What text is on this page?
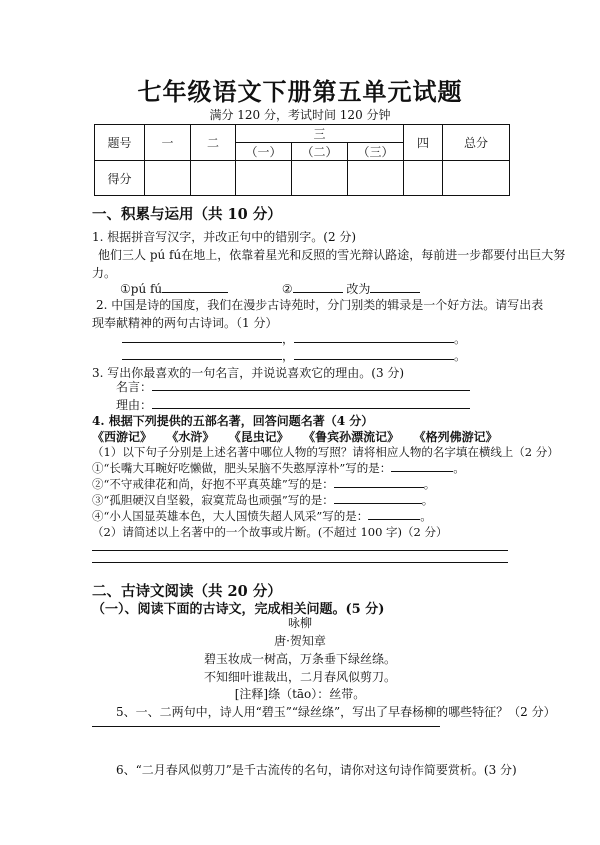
七年级语文下册第五单元试题
满分 120 分，考试时间 120 分钟
题号	一	二	三			四	总分
			（一）	（二）	（三）		
得分							
一、积累与运用（共 10 分）
1. 根据拼音写汉字，并改正句中的错别字。(2 分)
他们三人 pú fú在地上，依靠着星光和反照的雪光辩认路途，每前进一步都要付出巨大努
力。
①pú fú	②	改为
2. 中国是诗的国度，我们在漫步古诗苑时，分门别类的辑录是一个好方法。请写出表
现奉献精神的两句古诗词。（1 分）
，	。
，	。
3. 写出你最喜欢的一句名言，并说说喜欢它的理由。(3 分)
名言：
理由：
4. 根据下列提供的五部名著，回答问题名著（4 分）
《西游记》 《水浒》 《昆虫记》 《鲁宾孙漂流记》 《格列佛游记》
（1）以下句子分别是上述名著中哪位人物的写照？请将相应人物的名字填在横线上（2 分）
①“长嘴大耳畹好吃懒做，肥头呆脑不失憨厚淳朴”写的是：	。
②“不守戒律花和尚，好抱不平真英雄”写的是：	。
③“孤胆硬汉自坚毅，寂寞荒岛也顽强”写的是：	。
④“小人国显英雄本色，大人国愤失超人风采”写的是：	。
（2）请简述以上名著中的一个故事或片断。(不超过 100 字)（2 分）
二、古诗文阅读（共 20 分）
（一）、阅读下面的古诗文，完成相关问题。(5 分)
咏柳
唐·贺知章
碧玉妆成一树高，万条垂下绿丝绦。
不知细叶谁裁出，二月春风似剪刀。
[注释]绦（tāo）：丝带。
5、一、二两句中，诗人用“碧玉”“绿丝绦”，写出了早春杨柳的哪些特征？（2 分）
6、“二月春风似剪刀”是千古流传的名句，请你对这句诗作简要赏析。(3 分)
